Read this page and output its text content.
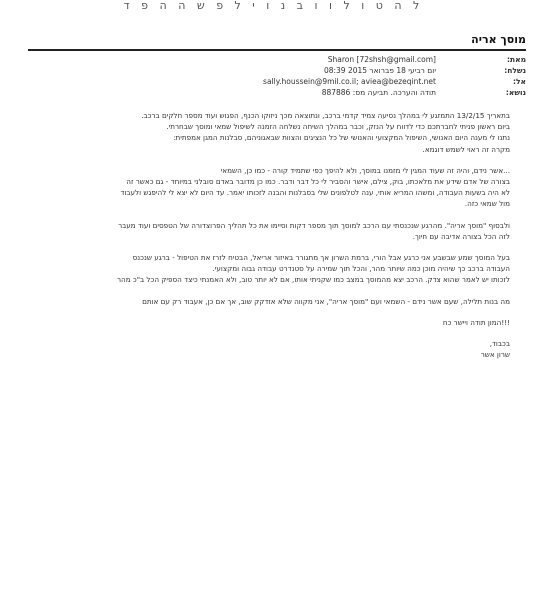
ל ה ט ו ל ו ו ב נ ו י ל פ ש ה ה פ ד
מוסך אריה
מאת:
Sharon [72shsh@gmail.com]
נשלח:
יום רביעי 18 פברואר 2015 08:39
אל:
sally.houssein@9mil.co.il; aviea@bezeqint.net
נושא:
תודה והערכה. תביעה מס: 887886
בתאריך 13/2/15 התמזגע לי במהלך נסיעה צמיד קדמי ברכב, ונתוצאה מכך ניזוקו הכנף, הפגוש ועוד מספר חלקים ברכב.
ביום ראשון פניתי לחברתכם כדי לדווח על הנזק, וכבר במהלך השיחה נשלחה הזמנה לשיפול שמאי ומוסך שבחרתי.
נתנו לי מענה היום האנושי, השיפול המקצועי והאנושי של כל הנציגים והצוות שבאגוניהם, סבלנות המגן אמפתית:
מקרה זה ראוי לשמש דוגמא.
...אשר נידם, והיה זה שעוד המגין לי מזמנו במוסך, ולא להיפך כפי שתמיד קורה - כמו כן, השמאי
בצורה של אדם שידע את מלאכתו, בוק, צילם, אישר והסביר לי כל דבר ודבר. כמו כן מדובר באדם סובלני במיוחד - גם כאשר זה
לא היה בשעות העבודה, ומשהו המריא אותי, ענה לטלפונים שלי בסבלנות והבנה לזכותו יאמר. עד היום לא יצא לי להיפגש ולעבוד
מול שמאי כזה.
ולבסוף "מוסך אריה". מהרגע שנכנסתי עם הרכב למוסך תוך מספר דקות וסיימו את כל תהליך הפרוצדורה של הטפסים ועוד מעבר
לזה הכל בצורה אדיבה עם חיוך.
בעל המוסך שמע שבשבע אני כרגע אבל הורי, ברמת השרון אך מתגורר באיזור אריאל, הבטיח לזרז את הטיפול - ברגע שנכנס
העבודה ברכב כך שיהיה מוכן כמה שיותר מהר, והכל תוך שמירה על סטנדרט עבודה גבוה ומקצועי.
לזכותו יש לאמר שהוא צדק. הרכב יצא מהמוסך במצב כמו שקניתי אותו, אם לא יותר טוב, ולא האמנתי כיצד הספיק הכל ב"כ מהר
מה בנות תלילה, שעם אשר נידם - השמאי ועם "מוסך אריה", אני מקווה שלא אזדקק שוב, אך אם כן, אעבוד רק עם אותם
!!!המון תודה ויישר כח
בכבוד,
שרון אשר
